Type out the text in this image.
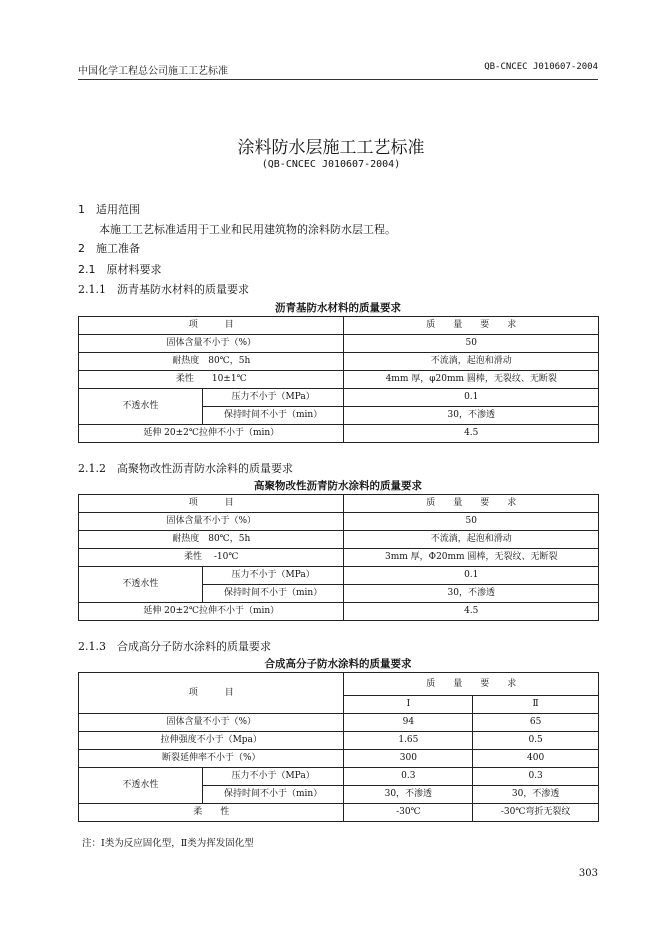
中国化学工程总公司施工工艺标准	QB-CNCEC J010607-2004
涂料防水层施工工艺标准
(QB-CNCEC J010607-2004)
1　适用范围
本施工工艺标准适用于工业和民用建筑物的涂料防水层工程。
2　施工准备
2.1　原材料要求
2.1.1　沥青基防水材料的质量要求
沥青基防水材料的质量要求
项　　　目		质　　量　　要　　求
固体含量不小于（%）		50
耐热度　80℃，5h		不流淌，起泡和滑动
柔性　　10±1℃		4mm 厚，φ20mm 圆棒，无裂纹、无断裂
不透水性	压力不小于（MPa）	0.1
	保持时间不小于（min）	30，不渗透
延伸 20±2℃拉伸不小于（min）		4.5
2.1.2　高聚物改性沥青防水涂料的质量要求
高聚物改性沥青防水涂料的质量要求
项　　　目		质　　量　　要　　求
固体含量不小于（%）		50
耐热度　80℃，5h		不流淌，起泡和滑动
柔性　 -10℃		3mm 厚，Φ20mm 圆棒，无裂纹、无断裂
不透水性	压力不小于（MPa）	0.1
	保持时间不小于（min）	30，不渗透
延伸 20±2℃拉伸不小于（min）		4.5
2.1.3　合成高分子防水涂料的质量要求
合成高分子防水涂料的质量要求
项　　　目		质　　量　　要　　求	
		Ⅰ	Ⅱ
固体含量不小于（%）		94	65
拉伸强度不小于（Mpa）		1.65	0.5
断裂延伸率不小于（%）		300	400
不透水性	压力不小于（MPa）	0.3	0.3
	保持时间不小于（min）	30，不渗透	30，不渗透
柔　　性		-30℃	-30℃弯折无裂纹
注：Ⅰ类为反应固化型，Ⅱ类为挥发固化型
303
